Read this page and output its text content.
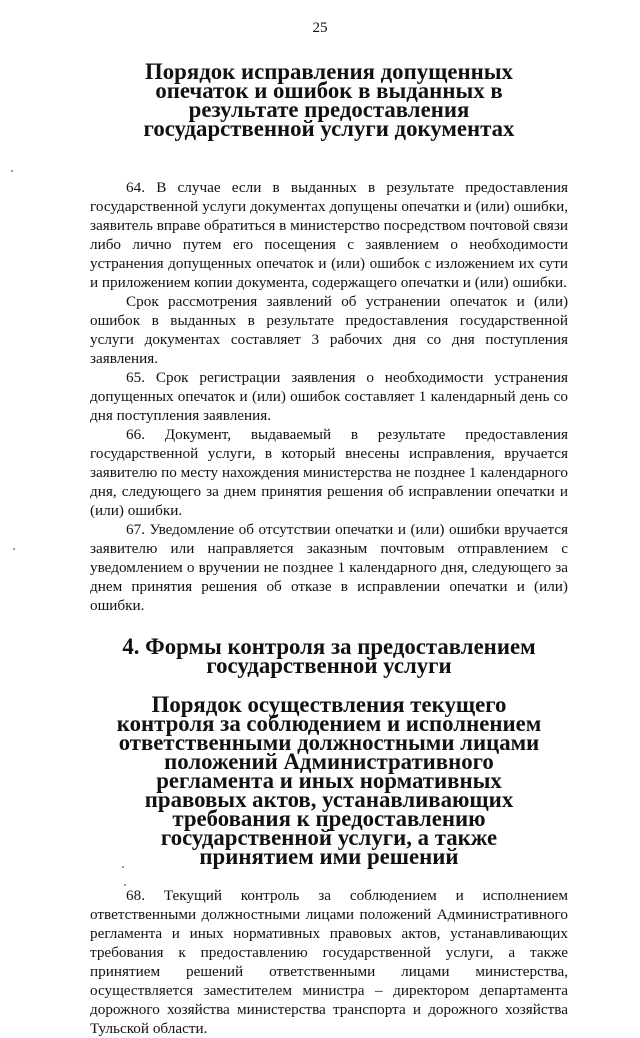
25
Порядок исправления допущенных опечаток и ошибок в выданных в результате предоставления государственной услуги документах

64. В случае если в выданных в результате предоставления государственной услуги документах допущены опечатки и (или) ошибки, заявитель вправе обратиться в министерство посредством почтовой связи либо лично путем его посещения с заявлением о необходимости устранения допущенных опечаток и (или) ошибок с изложением их сути и приложением копии документа, содержащего опечатки и (или) ошибки.

Срок рассмотрения заявлений об устранении опечаток и (или) ошибок в выданных в результате предоставления государственной услуги документах составляет 3 рабочих дня со дня поступления заявления.

65. Срок регистрации заявления о необходимости устранения допущенных опечаток и (или) ошибок составляет 1 календарный день со дня поступления заявления.

66. Документ, выдаваемый в результате предоставления государственной услуги, в который внесены исправления, вручается заявителю по месту нахождения министерства не позднее 1 календарного дня, следующего за днем принятия решения об исправлении опечатки и (или) ошибки.

67. Уведомление об отсутствии опечатки и (или) ошибки вручается заявителю или направляется заказным почтовым отправлением с уведомлением о вручении не позднее 1 календарного дня, следующего за днем принятия решения об отказе в исправлении опечатки и (или) ошибки.

4. Формы контроля за предоставлением государственной услуги
Порядок осуществления текущего контроля за соблюдением и исполнением ответственными должностными лицами положений Административного регламента и иных нормативных правовых актов, устанавливающих требования к предоставлению государственной услуги, а также принятием ими решений

68. Текущий контроль за соблюдением и исполнением ответственными должностными лицами положений Административного регламента и иных нормативных правовых актов, устанавливающих требования к предоставлению государственной услуги, а также принятием решений ответственными лицами министерства, осуществляется заместителем министра – директором департамента дорожного хозяйства министерства транспорта и дорожного хозяйства Тульской области.
